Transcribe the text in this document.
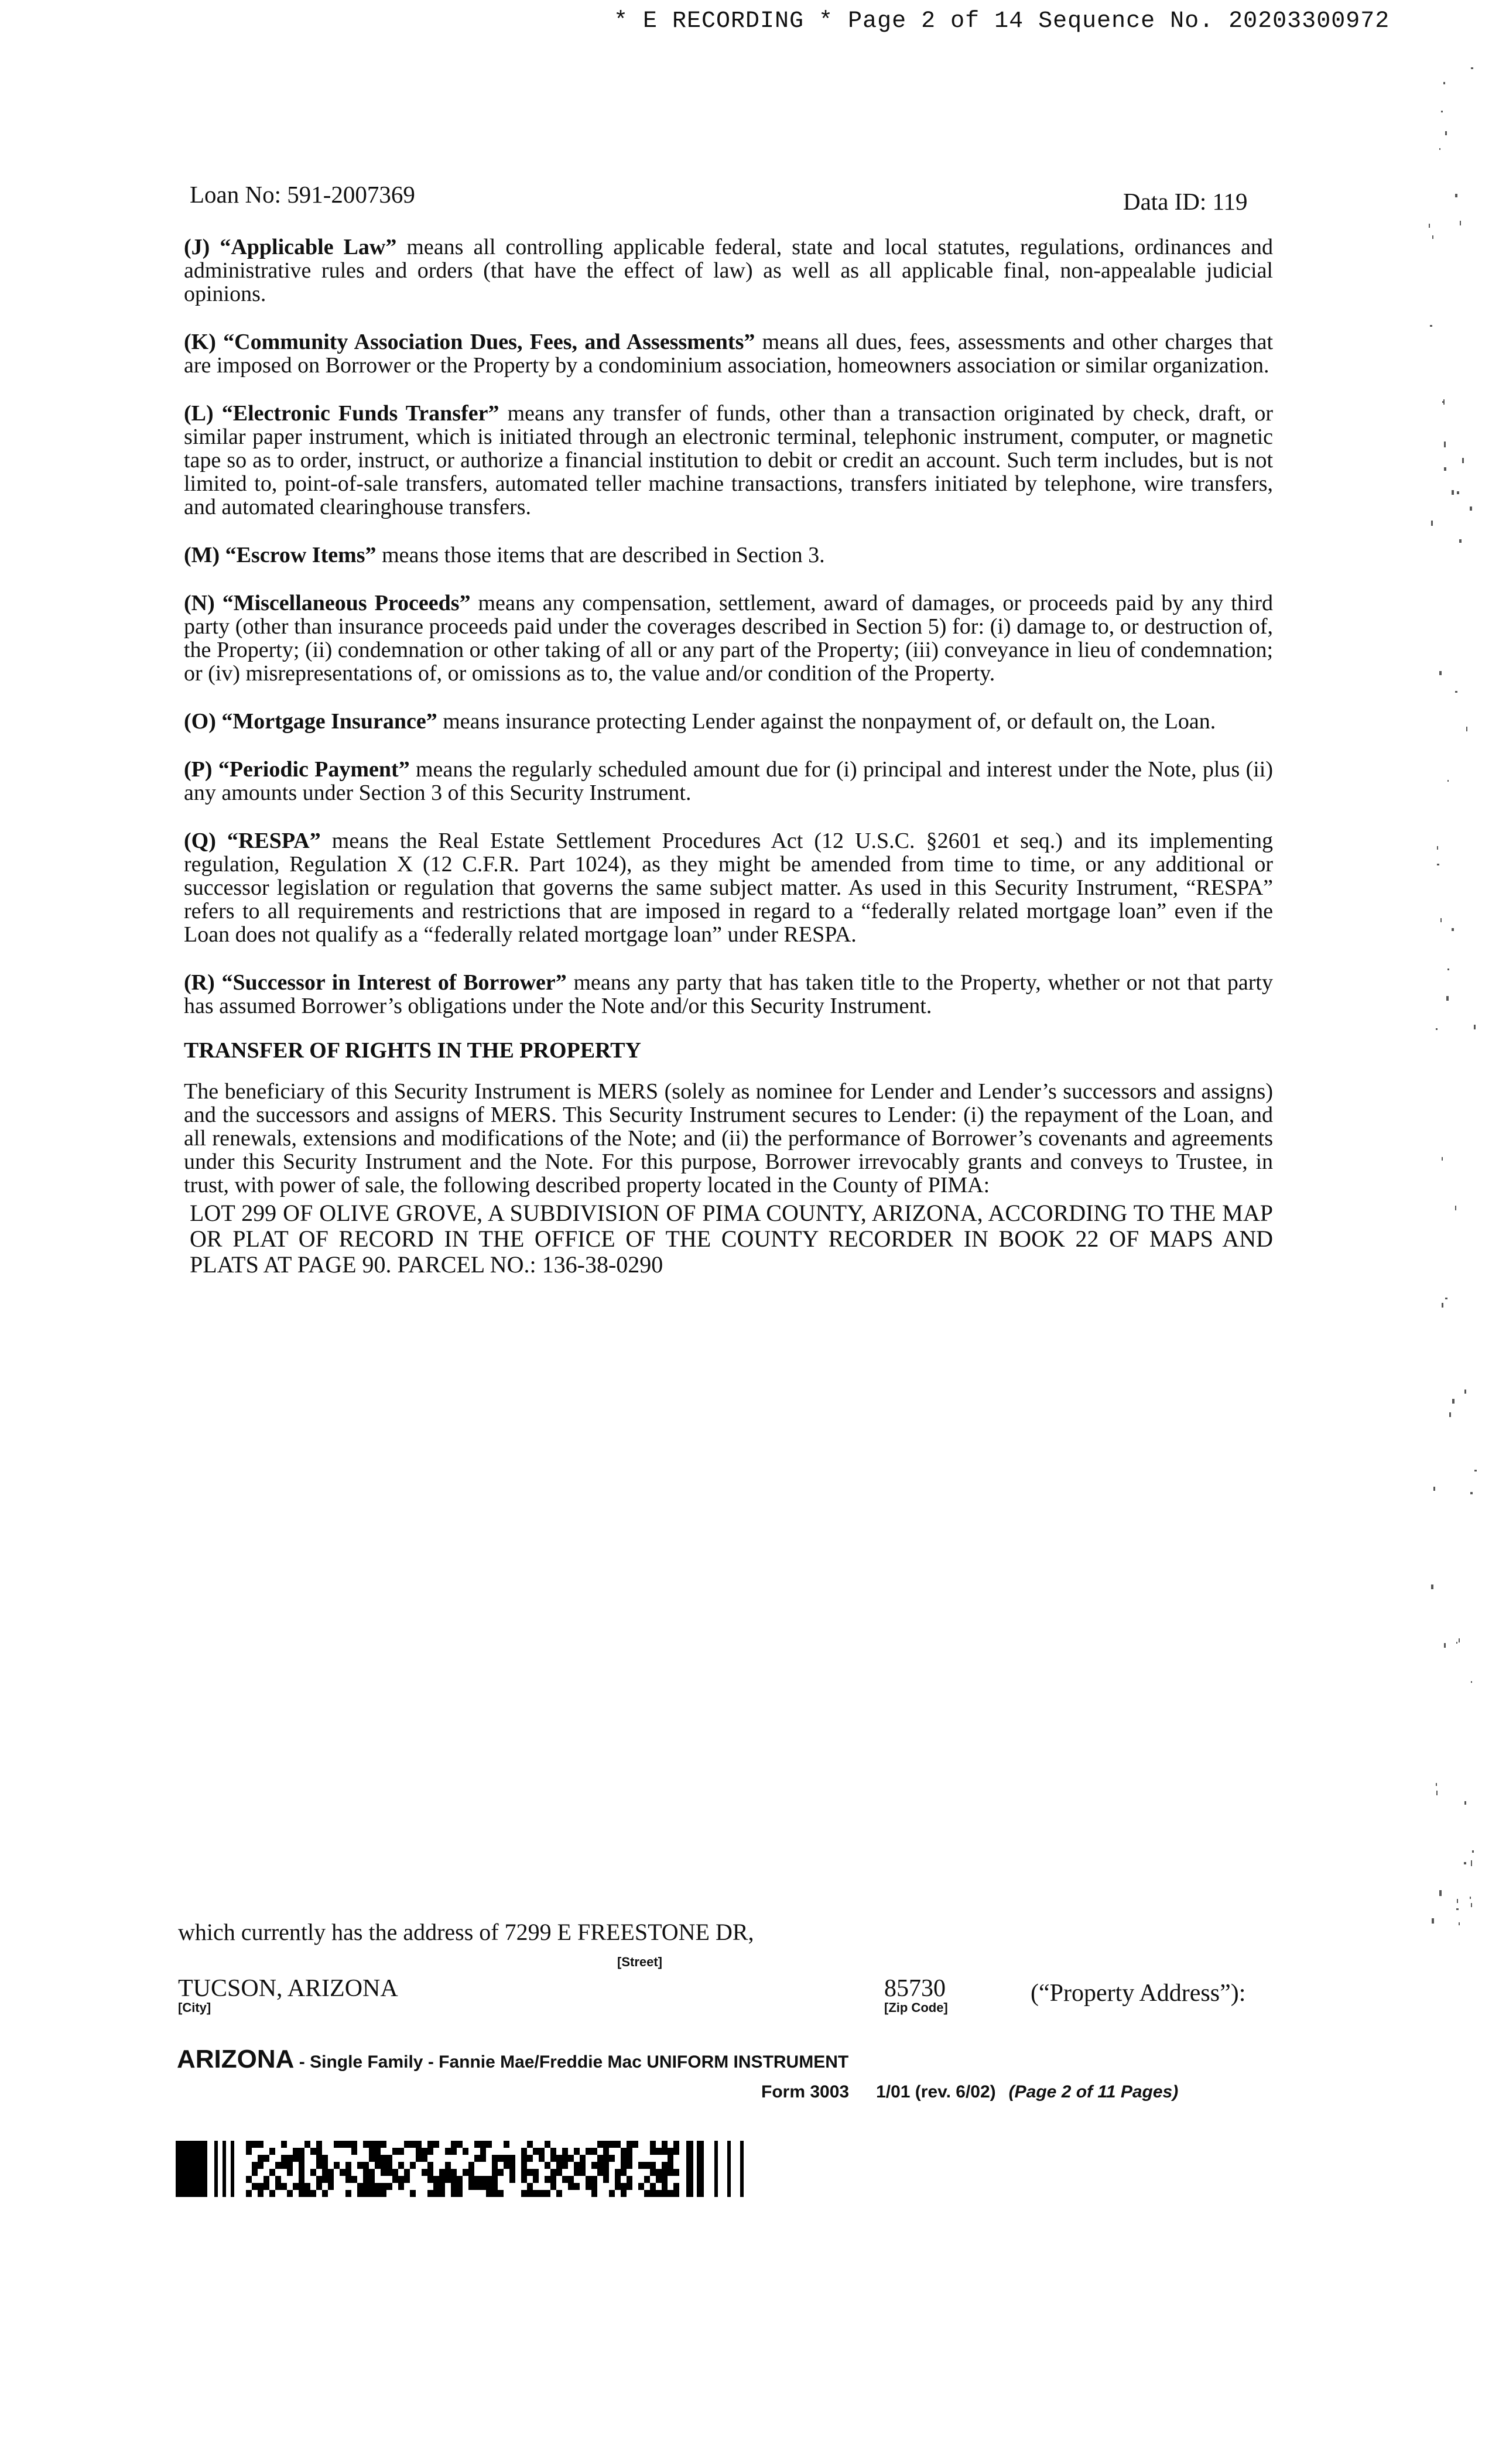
* E RECORDING * Page 2 of 14 Sequence No. 20203300972
Loan No: 591-2007369	Data ID: 119

(J) “Applicable Law” means all controlling applicable federal, state and local statutes, regulations, ordinances and administrative rules and orders (that have the effect of law) as well as all applicable final, non-appealable judicial opinions.

(K) “Community Association Dues, Fees, and Assessments” means all dues, fees, assessments and other charges that are imposed on Borrower or the Property by a condominium association, homeowners association or similar organization.

(L) “Electronic Funds Transfer” means any transfer of funds, other than a transaction originated by check, draft, or similar paper instrument, which is initiated through an electronic terminal, telephonic instrument, computer, or magnetic tape so as to order, instruct, or authorize a financial institution to debit or credit an account. Such term includes, but is not limited to, point-of-sale transfers, automated teller machine transactions, transfers initiated by telephone, wire transfers, and automated clearinghouse transfers.

(M) “Escrow Items” means those items that are described in Section 3.

(N) “Miscellaneous Proceeds” means any compensation, settlement, award of damages, or proceeds paid by any third party (other than insurance proceeds paid under the coverages described in Section 5) for: (i) damage to, or destruction of, the Property; (ii) condemnation or other taking of all or any part of the Property; (iii) conveyance in lieu of condemnation; or (iv) misrepresentations of, or omissions as to, the value and/or condition of the Property.

(O) “Mortgage Insurance” means insurance protecting Lender against the nonpayment of, or default on, the Loan.

(P) “Periodic Payment” means the regularly scheduled amount due for (i) principal and interest under the Note, plus (ii) any amounts under Section 3 of this Security Instrument.

(Q) “RESPA” means the Real Estate Settlement Procedures Act (12 U.S.C. §2601 et seq.) and its implementing regulation, Regulation X (12 C.F.R. Part 1024), as they might be amended from time to time, or any additional or successor legislation or regulation that governs the same subject matter. As used in this Security Instrument, “RESPA” refers to all requirements and restrictions that are imposed in regard to a “federally related mortgage loan” even if the Loan does not qualify as a “federally related mortgage loan” under RESPA.

(R) “Successor in Interest of Borrower” means any party that has taken title to the Property, whether or not that party has assumed Borrower’s obligations under the Note and/or this Security Instrument.

TRANSFER OF RIGHTS IN THE PROPERTY

The beneficiary of this Security Instrument is MERS (solely as nominee for Lender and Lender’s successors and assigns) and the successors and assigns of MERS. This Security Instrument secures to Lender: (i) the repayment of the Loan, and all renewals, extensions and modifications of the Note; and (ii) the performance of Borrower’s covenants and agreements under this Security Instrument and the Note. For this purpose, Borrower irrevocably grants and conveys to Trustee, in trust, with power of sale, the following described property located in the County of PIMA:

LOT 299 OF OLIVE GROVE, A SUBDIVISION OF PIMA COUNTY, ARIZONA, ACCORDING TO THE MAP OR PLAT OF RECORD IN THE OFFICE OF THE COUNTY RECORDER IN BOOK 22 OF MAPS AND PLATS AT PAGE 90. PARCEL NO.: 136-38-0290

which currently has the address of 7299 E FREESTONE DR,
[Street]
TUCSON, ARIZONA
[City]
85730
[Zip Code]
(“Property Address”):
ARIZONA - Single Family - Fannie Mae/Freddie Mac UNIFORM INSTRUMENT
Form 3003 1/01 (rev. 6/02) (Page 2 of 11 Pages)
